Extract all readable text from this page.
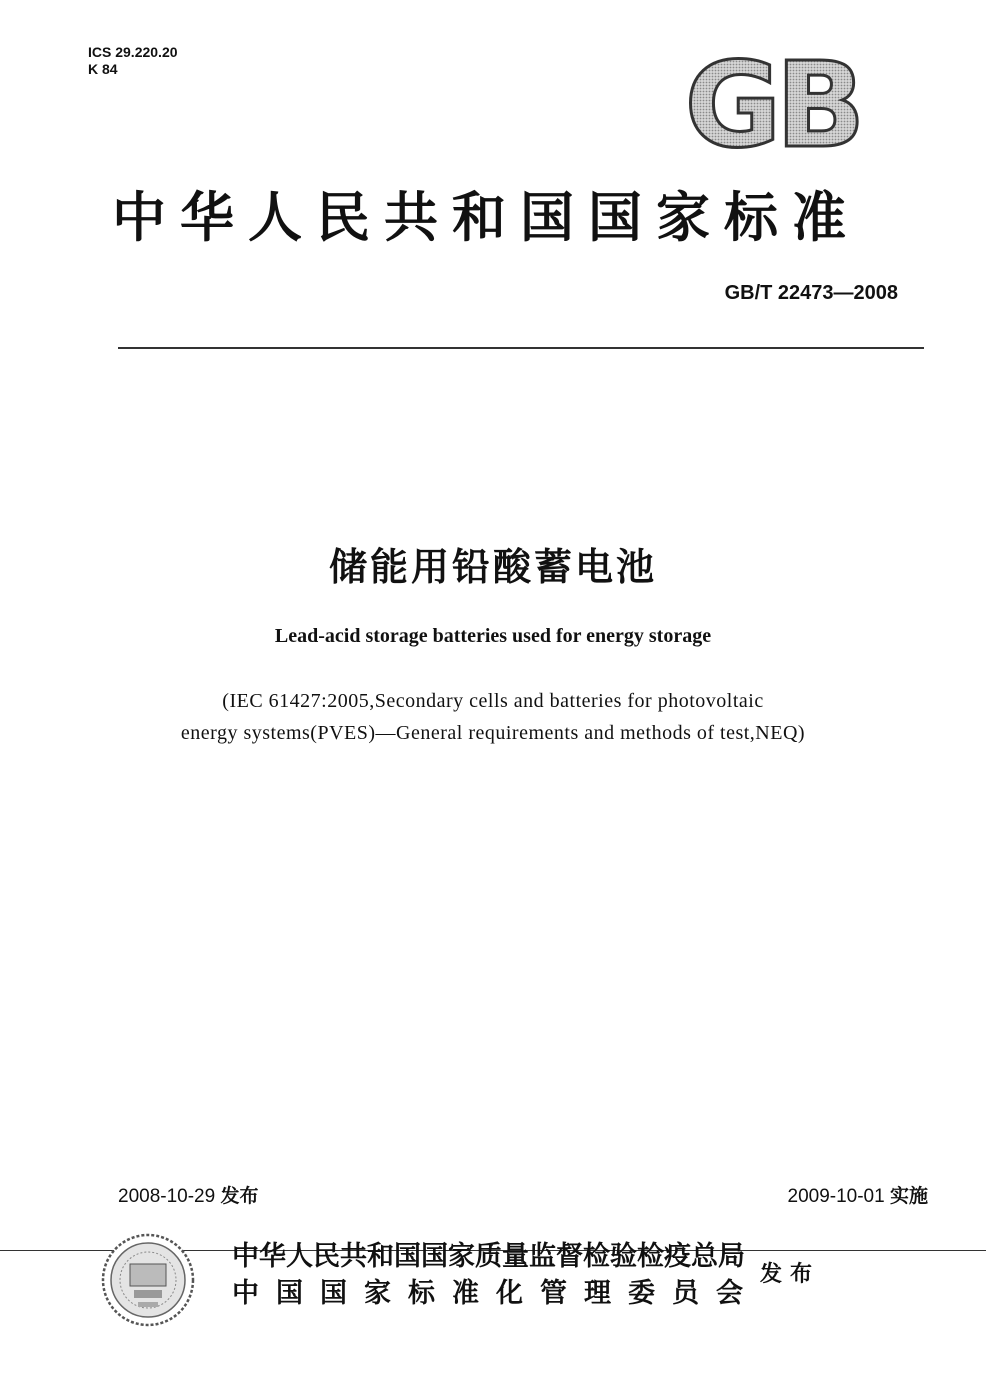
ICS 29.220.20
K 84	GB
中华人民共和国国家标准
GB/T 22473—2008
储能用铅酸蓄电池
Lead-acid storage batteries used for energy storage
(IEC 61427:2005,Secondary cells and batteries for photovoltaic
energy systems(PVES)—General requirements and methods of test,NEQ)
2008-10-29 发布	2009-10-01 实施
中华人民共和国国家质量监督检验检疫总局
中国国家标准化管理委员会
发布
